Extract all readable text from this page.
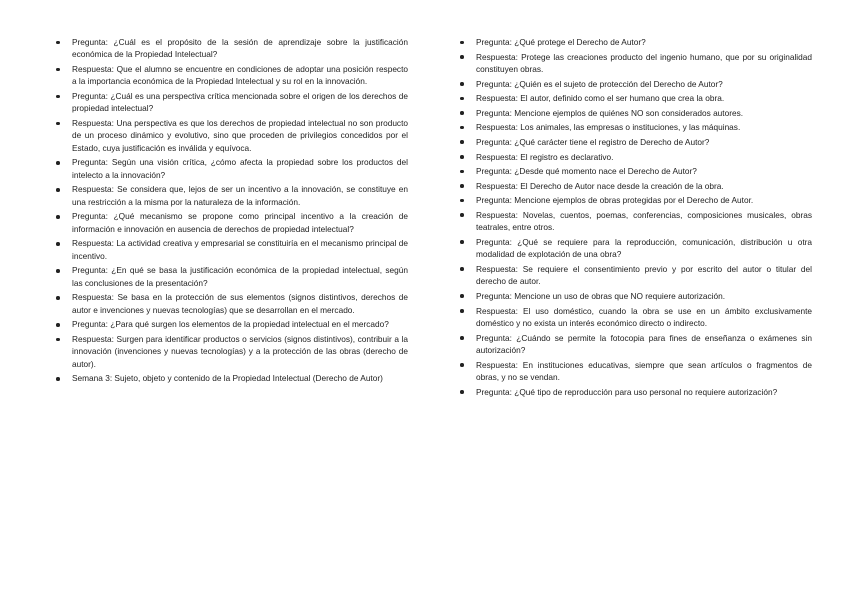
Pregunta: ¿Cuál es el propósito de la sesión de aprendizaje sobre la justificación económica de la Propiedad Intelectual?
Respuesta: Que el alumno se encuentre en condiciones de adoptar una posición respecto a la importancia económica de la Propiedad Intelectual y su rol en la innovación.
Pregunta: ¿Cuál es una perspectiva crítica mencionada sobre el origen de los derechos de propiedad intelectual?
Respuesta: Una perspectiva es que los derechos de propiedad intelectual no son producto de un proceso dinámico y evolutivo, sino que proceden de privilegios concedidos por el Estado, cuya justificación es inválida y equívoca.
Pregunta: Según una visión crítica, ¿cómo afecta la propiedad sobre los productos del intelecto a la innovación?
Respuesta: Se considera que, lejos de ser un incentivo a la innovación, se constituye en una restricción a la misma por la naturaleza de la información.
Pregunta: ¿Qué mecanismo se propone como principal incentivo a la creación de información e innovación en ausencia de derechos de propiedad intelectual?
Respuesta: La actividad creativa y empresarial se constituiría en el mecanismo principal de incentivo.
Pregunta: ¿En qué se basa la justificación económica de la propiedad intelectual, según las conclusiones de la presentación?
Respuesta: Se basa en la protección de sus elementos (signos distintivos, derechos de autor e invenciones y nuevas tecnologías) que se desarrollan en el mercado.
Pregunta: ¿Para qué surgen los elementos de la propiedad intelectual en el mercado?
Respuesta: Surgen para identificar productos o servicios (signos distintivos), contribuir a la innovación (invenciones y nuevas tecnologías) y a la protección de las obras (derecho de autor).
Semana 3: Sujeto, objeto y contenido de la Propiedad Intelectual (Derecho de Autor)
Pregunta: ¿Qué protege el Derecho de Autor?
Respuesta: Protege las creaciones producto del ingenio humano, que por su originalidad constituyen obras.
Pregunta: ¿Quién es el sujeto de protección del Derecho de Autor?
Respuesta: El autor, definido como el ser humano que crea la obra.
Pregunta: Mencione ejemplos de quiénes NO son considerados autores.
Respuesta: Los animales, las empresas o instituciones, y las máquinas.
Pregunta: ¿Qué carácter tiene el registro de Derecho de Autor?
Respuesta: El registro es declarativo.
Pregunta: ¿Desde qué momento nace el Derecho de Autor?
Respuesta: El Derecho de Autor nace desde la creación de la obra.
Pregunta: Mencione ejemplos de obras protegidas por el Derecho de Autor.
Respuesta: Novelas, cuentos, poemas, conferencias, composiciones musicales, obras teatrales, entre otros.
Pregunta: ¿Qué se requiere para la reproducción, comunicación, distribución u otra modalidad de explotación de una obra?
Respuesta: Se requiere el consentimiento previo y por escrito del autor o titular del derecho de autor.
Pregunta: Mencione un uso de obras que NO requiere autorización.
Respuesta: El uso doméstico, cuando la obra se use en un ámbito exclusivamente doméstico y no exista un interés económico directo o indirecto.
Pregunta: ¿Cuándo se permite la fotocopia para fines de enseñanza o exámenes sin autorización?
Respuesta: En instituciones educativas, siempre que sean artículos o fragmentos de obras, y no se vendan.
Pregunta: ¿Qué tipo de reproducción para uso personal no requiere autorización?
